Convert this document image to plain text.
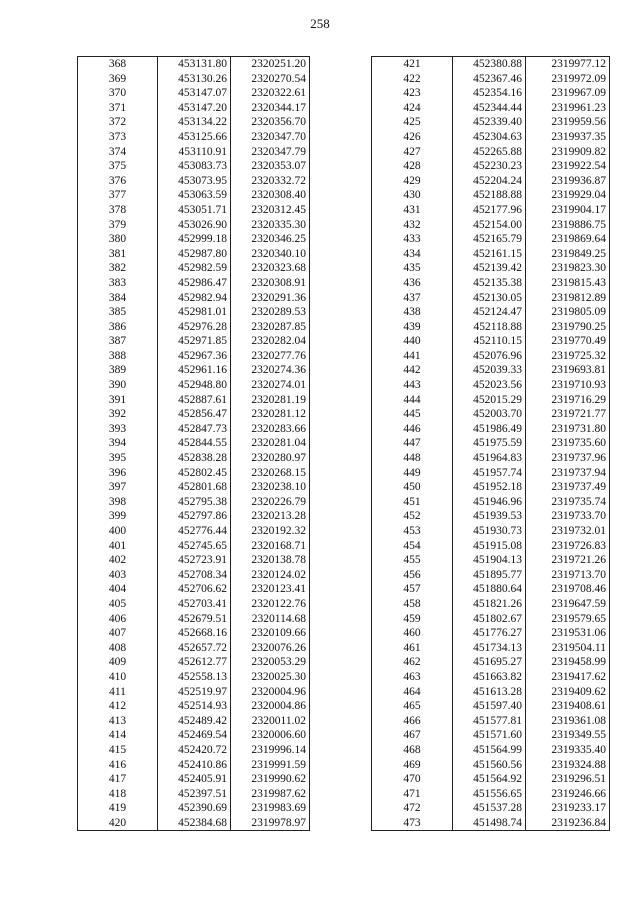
258
368	453131.80	2320251.20
369	453130.26	2320270.54
370	453147.07	2320322.61
371	453147.20	2320344.17
372	453134.22	2320356.70
373	453125.66	2320347.70
374	453110.91	2320347.79
375	453083.73	2320353.07
376	453073.95	2320332.72
377	453063.59	2320308.40
378	453051.71	2320312.45
379	453026.90	2320335.30
380	452999.18	2320346.25
381	452987.80	2320340.10
382	452982.59	2320323.68
383	452986.47	2320308.91
384	452982.94	2320291.36
385	452981.01	2320289.53
386	452976.28	2320287.85
387	452971.85	2320282.04
388	452967.36	2320277.76
389	452961.16	2320274.36
390	452948.80	2320274.01
391	452887.61	2320281.19
392	452856.47	2320281.12
393	452847.73	2320283.66
394	452844.55	2320281.04
395	452838.28	2320280.97
396	452802.45	2320268.15
397	452801.68	2320238.10
398	452795.38	2320226.79
399	452797.86	2320213.28
400	452776.44	2320192.32
401	452745.65	2320168.71
402	452723.91	2320138.78
403	452708.34	2320124.02
404	452706.62	2320123.41
405	452703.41	2320122.76
406	452679.51	2320114.68
407	452668.16	2320109.66
408	452657.72	2320076.26
409	452612.77	2320053.29
410	452558.13	2320025.30
411	452519.97	2320004.96
412	452514.93	2320004.86
413	452489.42	2320011.02
414	452469.54	2320006.60
415	452420.72	2319996.14
416	452410.86	2319991.59
417	452405.91	2319990.62
418	452397.51	2319987.62
419	452390.69	2319983.69
420	452384.68	2319978.97
421	452380.88	2319977.12
422	452367.46	2319972.09
423	452354.16	2319967.09
424	452344.44	2319961.23
425	452339.40	2319959.56
426	452304.63	2319937.35
427	452265.88	2319909.82
428	452230.23	2319922.54
429	452204.24	2319936.87
430	452188.88	2319929.04
431	452177.96	2319904.17
432	452154.00	2319886.75
433	452165.79	2319869.64
434	452161.15	2319849.25
435	452139.42	2319823.30
436	452135.38	2319815.43
437	452130.05	2319812.89
438	452124.47	2319805.09
439	452118.88	2319790.25
440	452110.15	2319770.49
441	452076.96	2319725.32
442	452039.33	2319693.81
443	452023.56	2319710.93
444	452015.29	2319716.29
445	452003.70	2319721.77
446	451986.49	2319731.80
447	451975.59	2319735.60
448	451964.83	2319737.96
449	451957.74	2319737.94
450	451952.18	2319737.49
451	451946.96	2319735.74
452	451939.53	2319733.70
453	451930.73	2319732.01
454	451915.08	2319726.83
455	451904.13	2319721.26
456	451895.77	2319713.70
457	451880.64	2319708.46
458	451821.26	2319647.59
459	451802.67	2319579.65
460	451776.27	2319531.06
461	451734.13	2319504.11
462	451695.27	2319458.99
463	451663.82	2319417.62
464	451613.28	2319409.62
465	451597.40	2319408.61
466	451577.81	2319361.08
467	451571.60	2319349.55
468	451564.99	2319335.40
469	451560.56	2319324.88
470	451564.92	2319296.51
471	451556.65	2319246.66
472	451537.28	2319233.17
473	451498.74	2319236.84
